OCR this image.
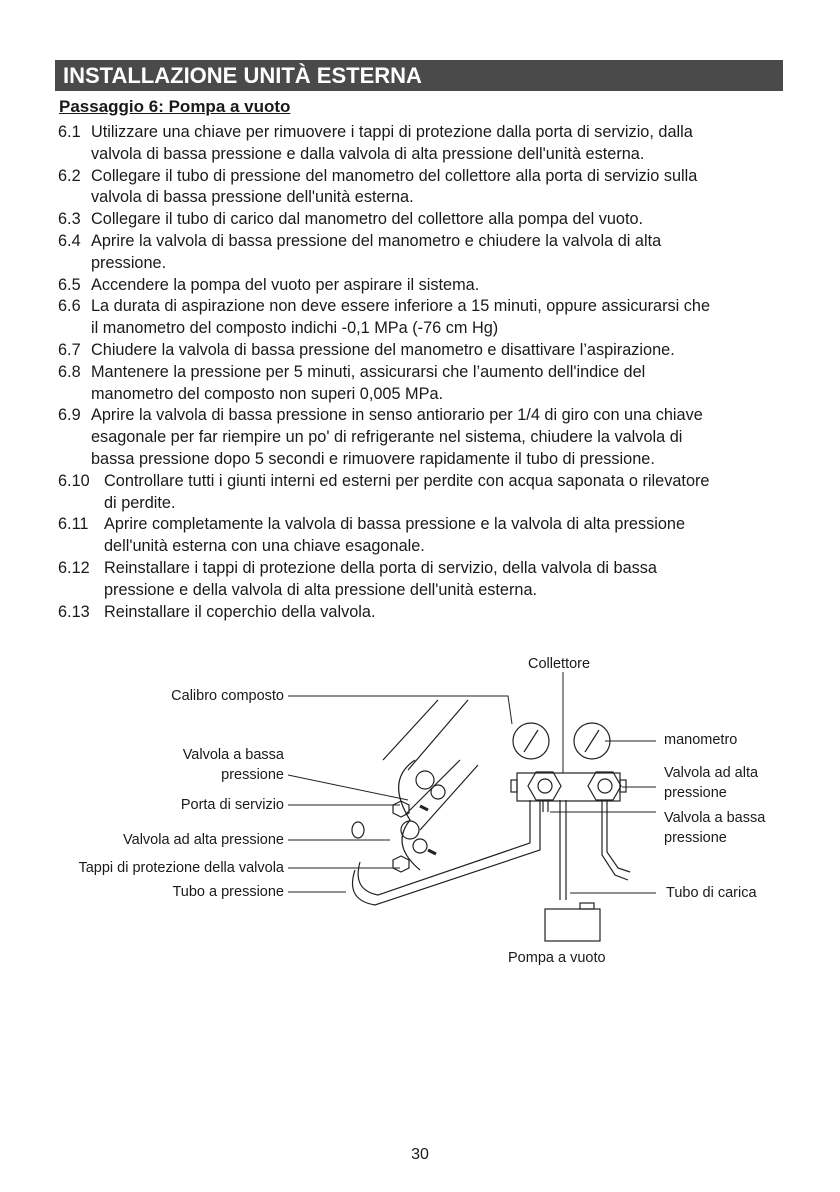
INSTALLAZIONE UNITÀ ESTERNA
Passaggio 6: Pompa a vuoto
6.1 Utilizzare una chiave per rimuovere i tappi di protezione dalla porta di servizio, dalla
valvola di bassa pressione e dalla valvola di alta pressione dell'unità esterna.
6.2 Collegare il tubo di pressione del manometro del collettore alla porta di servizio sulla
valvola di bassa pressione dell'unità esterna.
6.3 Collegare il tubo di carico dal manometro del collettore alla pompa del vuoto.
6.4 Aprire la valvola di bassa pressione del manometro e chiudere la valvola di alta
pressione.
6.5 Accendere la pompa del vuoto per aspirare il sistema.
6.6 La durata di aspirazione non deve essere inferiore a 15 minuti, oppure assicurarsi che
il manometro del composto indichi -0,1 MPa (-76 cm Hg)
6.7 Chiudere la valvola di bassa pressione del manometro e disattivare l’aspirazione.
6.8 Mantenere la pressione per 5 minuti, assicurarsi che l’aumento dell'indice del
manometro del composto non superi 0,005 MPa.
6.9 Aprire la valvola di bassa pressione in senso antiorario per 1/4 di giro con una chiave
esagonale per far riempire un po' di refrigerante nel sistema, chiudere la valvola di
bassa pressione dopo 5 secondi e rimuovere rapidamente il tubo di pressione.
6.10 Controllare tutti i giunti interni ed esterni per perdite con acqua saponata o rilevatore
di perdite.
6.11 Aprire completamente la valvola di bassa pressione e la valvola di alta pressione
dell'unità esterna con una chiave esagonale.
6.12 Reinstallare i tappi di protezione della porta di servizio, della valvola di bassa
pressione e della valvola di alta pressione dell'unità esterna.
6.13 Reinstallare il coperchio della valvola.
Collettore
Calibro composto
Valvola a bassa
pressione
Porta di servizio
Valvola ad alta pressione
Tappi di protezione della valvola
Tubo a pressione
manometro
Valvola ad alta
pressione
Valvola a bassa
pressione
Tubo di carica
Pompa a vuoto
30
